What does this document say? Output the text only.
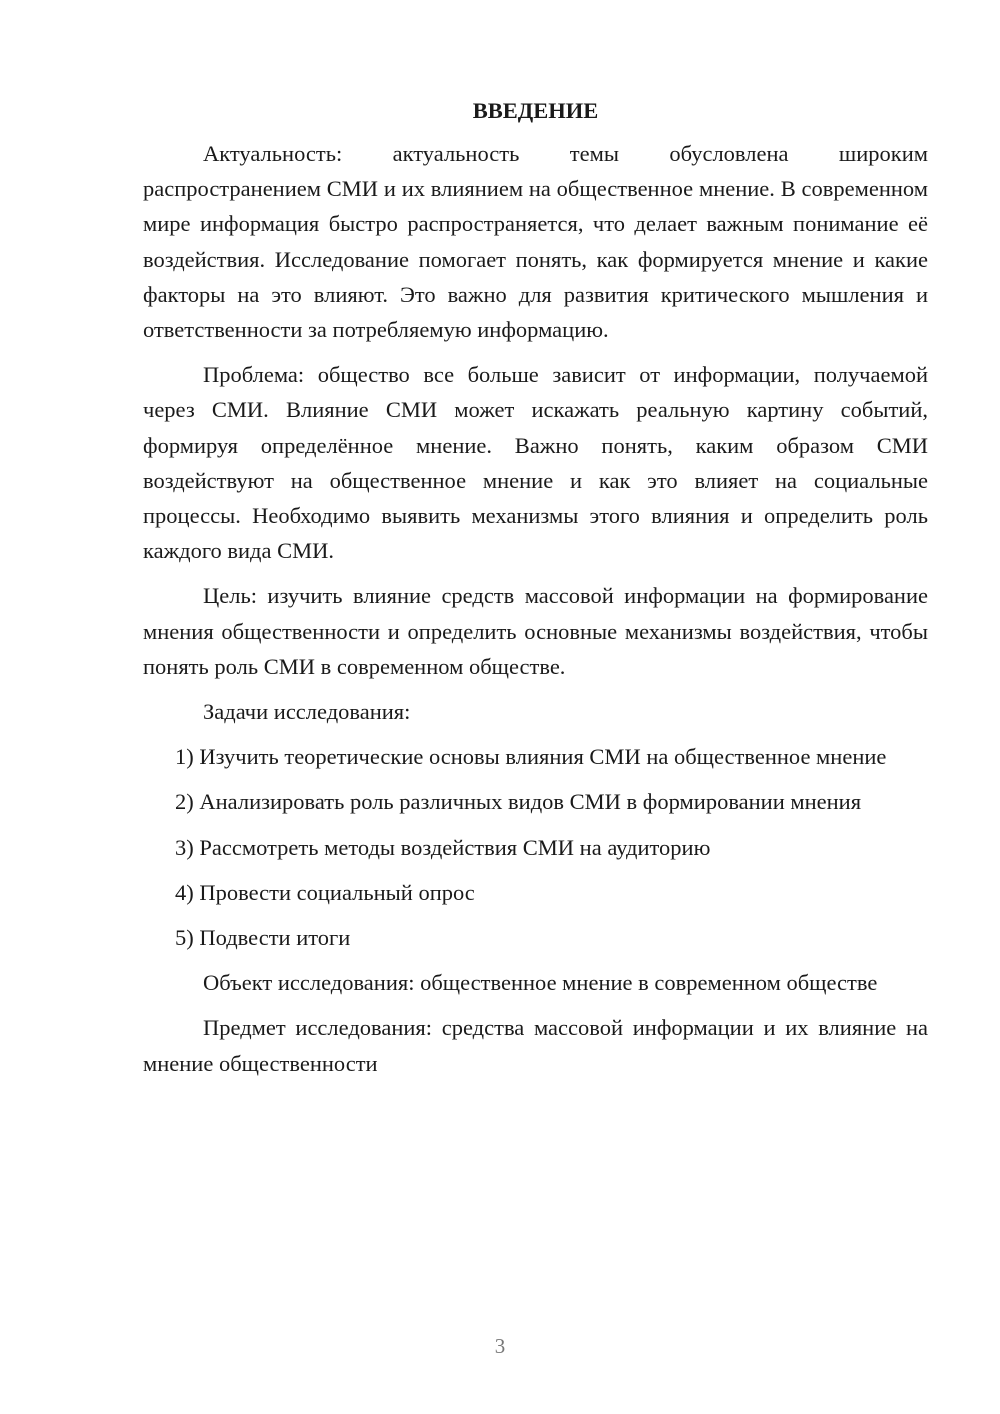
ВВЕДЕНИЕ

Актуальность: актуальность темы обусловлена широким распространением СМИ и их влиянием на общественное мнение. В современном мире информация быстро распространяется, что делает важным понимание её воздействия. Исследование помогает понять, как формируется мнение и какие факторы на это влияют. Это важно для развития критического мышления и ответственности за потребляемую информацию.

Проблема: общество все больше зависит от информации, получаемой через СМИ. Влияние СМИ может искажать реальную картину событий, формируя определённое мнение. Важно понять, каким образом СМИ воздействуют на общественное мнение и как это влияет на социальные процессы. Необходимо выявить механизмы этого влияния и определить роль каждого вида СМИ.

Цель: изучить влияние средств массовой информации на формирование мнения общественности и определить основные механизмы воздействия, чтобы понять роль СМИ в современном обществе.

Задачи исследования:

1) Изучить теоретические основы влияния СМИ на общественное мнение

2) Анализировать роль различных видов СМИ в формировании мнения

3) Рассмотреть методы воздействия СМИ на аудиторию

4) Провести социальный опрос

5) Подвести итоги

Объект исследования: общественное мнение в современном обществе

Предмет исследования: средства массовой информации и их влияние на мнение общественности

3
